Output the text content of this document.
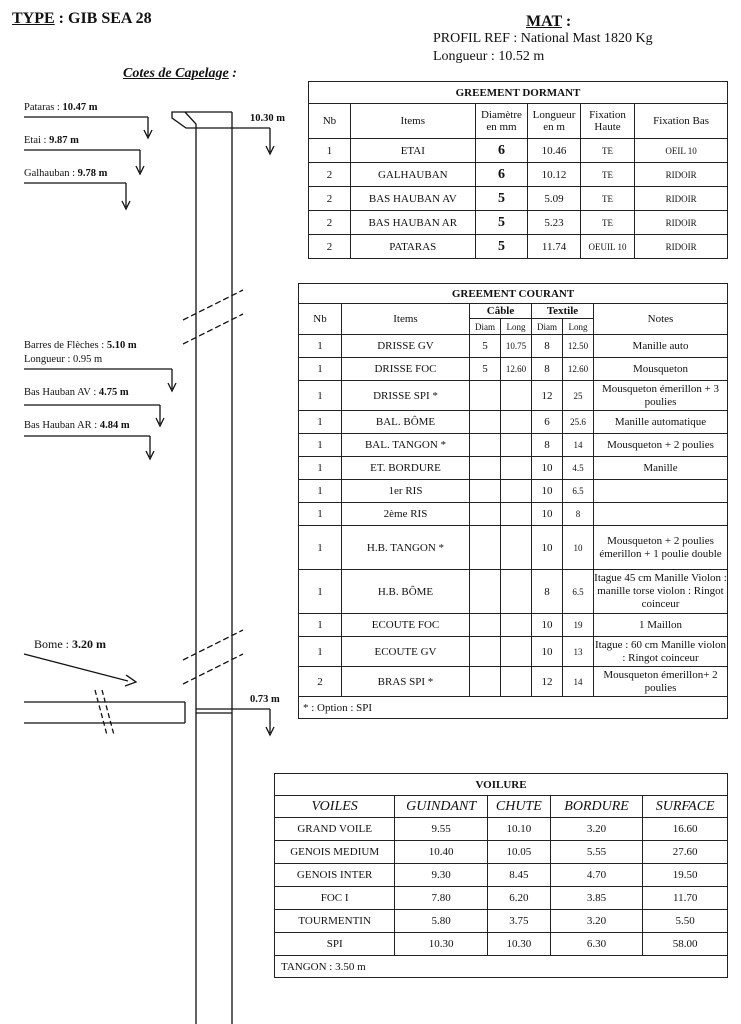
TYPE : GIB SEA 28	MAT :
PROFIL REF : National Mast 1820 Kg
Longueur : 10.52 m
Cotes de Capelage :
Pataras : 10.47 m
Etai : 9.87 m
Galhauban : 9.78 m
10.30 m
Barres de Flèches : 5.10 m
Longueur : 0.95 m
Bas Hauban AV : 4.75 m
Bas Hauban AR : 4.84 m
Bome : 3.20 m
0.73 m
GREEMENT DORMANT					
Nb	Items	Diamètre en mm	Longueur en m	Fixation Haute	Fixation Bas
1	ETAI	6	10.46	TE	OEIL 10
2	GALHAUBAN	6	10.12	TE	RIDOIR
2	BAS HAUBAN AV	5	5.09	TE	RIDOIR
2	BAS HAUBAN AR	5	5.23	TE	RIDOIR
2	PATARAS	5	11.74	OEUIL 10	RIDOIR
GREEMENT COURANT						
Nb	Items	Câble		Textile		Notes
		Diam	Long	Diam	Long	
1	DRISSE GV	5	10.75	8	12.50	Manille auto
1	DRISSE FOC	5	12.60	8	12.60	Mousqueton
1	DRISSE SPI *			12	25	Mousqueton émerillon + 3 poulies
1	BAL. BÔME			6	25.6	Manille automatique
1	BAL. TANGON *			8	14	Mousqueton + 2 poulies
1	ET. BORDURE			10	4.5	Manille
1	1er RIS			10	6.5	
1	2ème RIS			10	8	
1	H.B. TANGON *			10	10	Mousqueton + 2 poulies émerillon + 1 poulie double
1	H.B. BÔME			8	6.5	Itague 45 cm Manille Violon : manille torse violon : Ringot coinceur
1	ECOUTE FOC			10	19	1 Maillon
1	ECOUTE GV			10	13	Itague : 60 cm Manille violon : Ringot coinceur
2	BRAS SPI *			12	14	Mousqueton émerillon+ 2 poulies
* : Option : SPI						
VOILURE				
VOILES	GUINDANT	CHUTE	BORDURE	SURFACE
GRAND VOILE	9.55	10.10	3.20	16.60
GENOIS MEDIUM	10.40	10.05	5.55	27.60
GENOIS INTER	9.30	8.45	4.70	19.50
FOC I	7.80	6.20	3.85	11.70
TOURMENTIN	5.80	3.75	3.20	5.50
SPI	10.30	10.30	6.30	58.00
TANGON : 3.50 m				
